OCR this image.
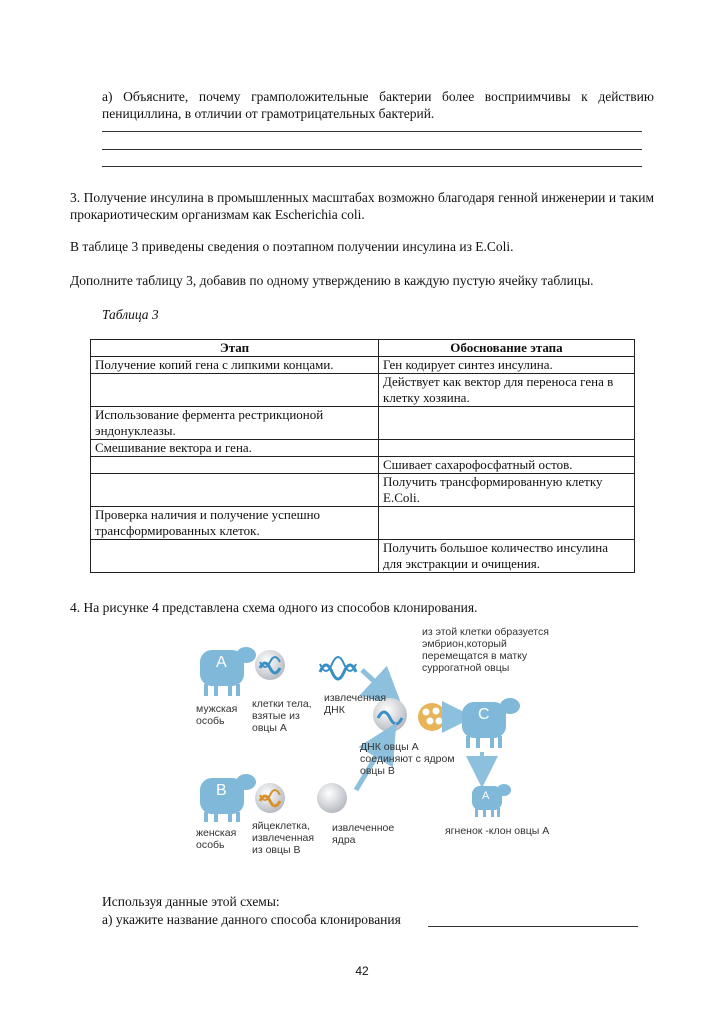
а) Объясните, почему грамположительные бактерии более восприимчивы к действию пенициллина, в отличии от грамотрицательных бактерий.
3. Получение инсулина в промышленных масштабах возможно благодаря генной инженерии и таким прокариотическим организмам как Escherichia coli.
В таблице 3 приведены сведения о поэтапном получении инсулина из E.Coli.
Дополните таблицу 3, добавив по одному утверждению в каждую пустую ячейку таблицы.
Таблица 3
Этап	Обоснование этапа
Получение копий гена с липкими концами.	Ген кодирует синтез инсулина.
	Действует как вектор для переноса гена в клетку хозяина.
Использование фермента рестрикционой эндонуклеазы.	
Смешивание вектора и гена.	
	Сшивает сахарофосфатный остов.
	Получить трансформированную клетку E.Coli.
Проверка наличия и получение успешно трансформированных клеток.	
	Получить большое количество инсулина для экстракции и очищения.
4. На рисунке 4 представлена схема одного из способов клонирования.
A
B
C
A
мужская особь
клетки тела, взятые из овцы А
извлеченная ДНК
ДНК овцы А соединяют с ядром овцы В
из этой клетки образуется эмбрион,который перемещатся в матку суррогатной овцы
женская особь
яйцеклетка, извлеченная из овцы В
извлеченное ядра
ягненок -клон овцы А
Используя данные этой схемы:
а) укажите название данного способа клонирования
42
